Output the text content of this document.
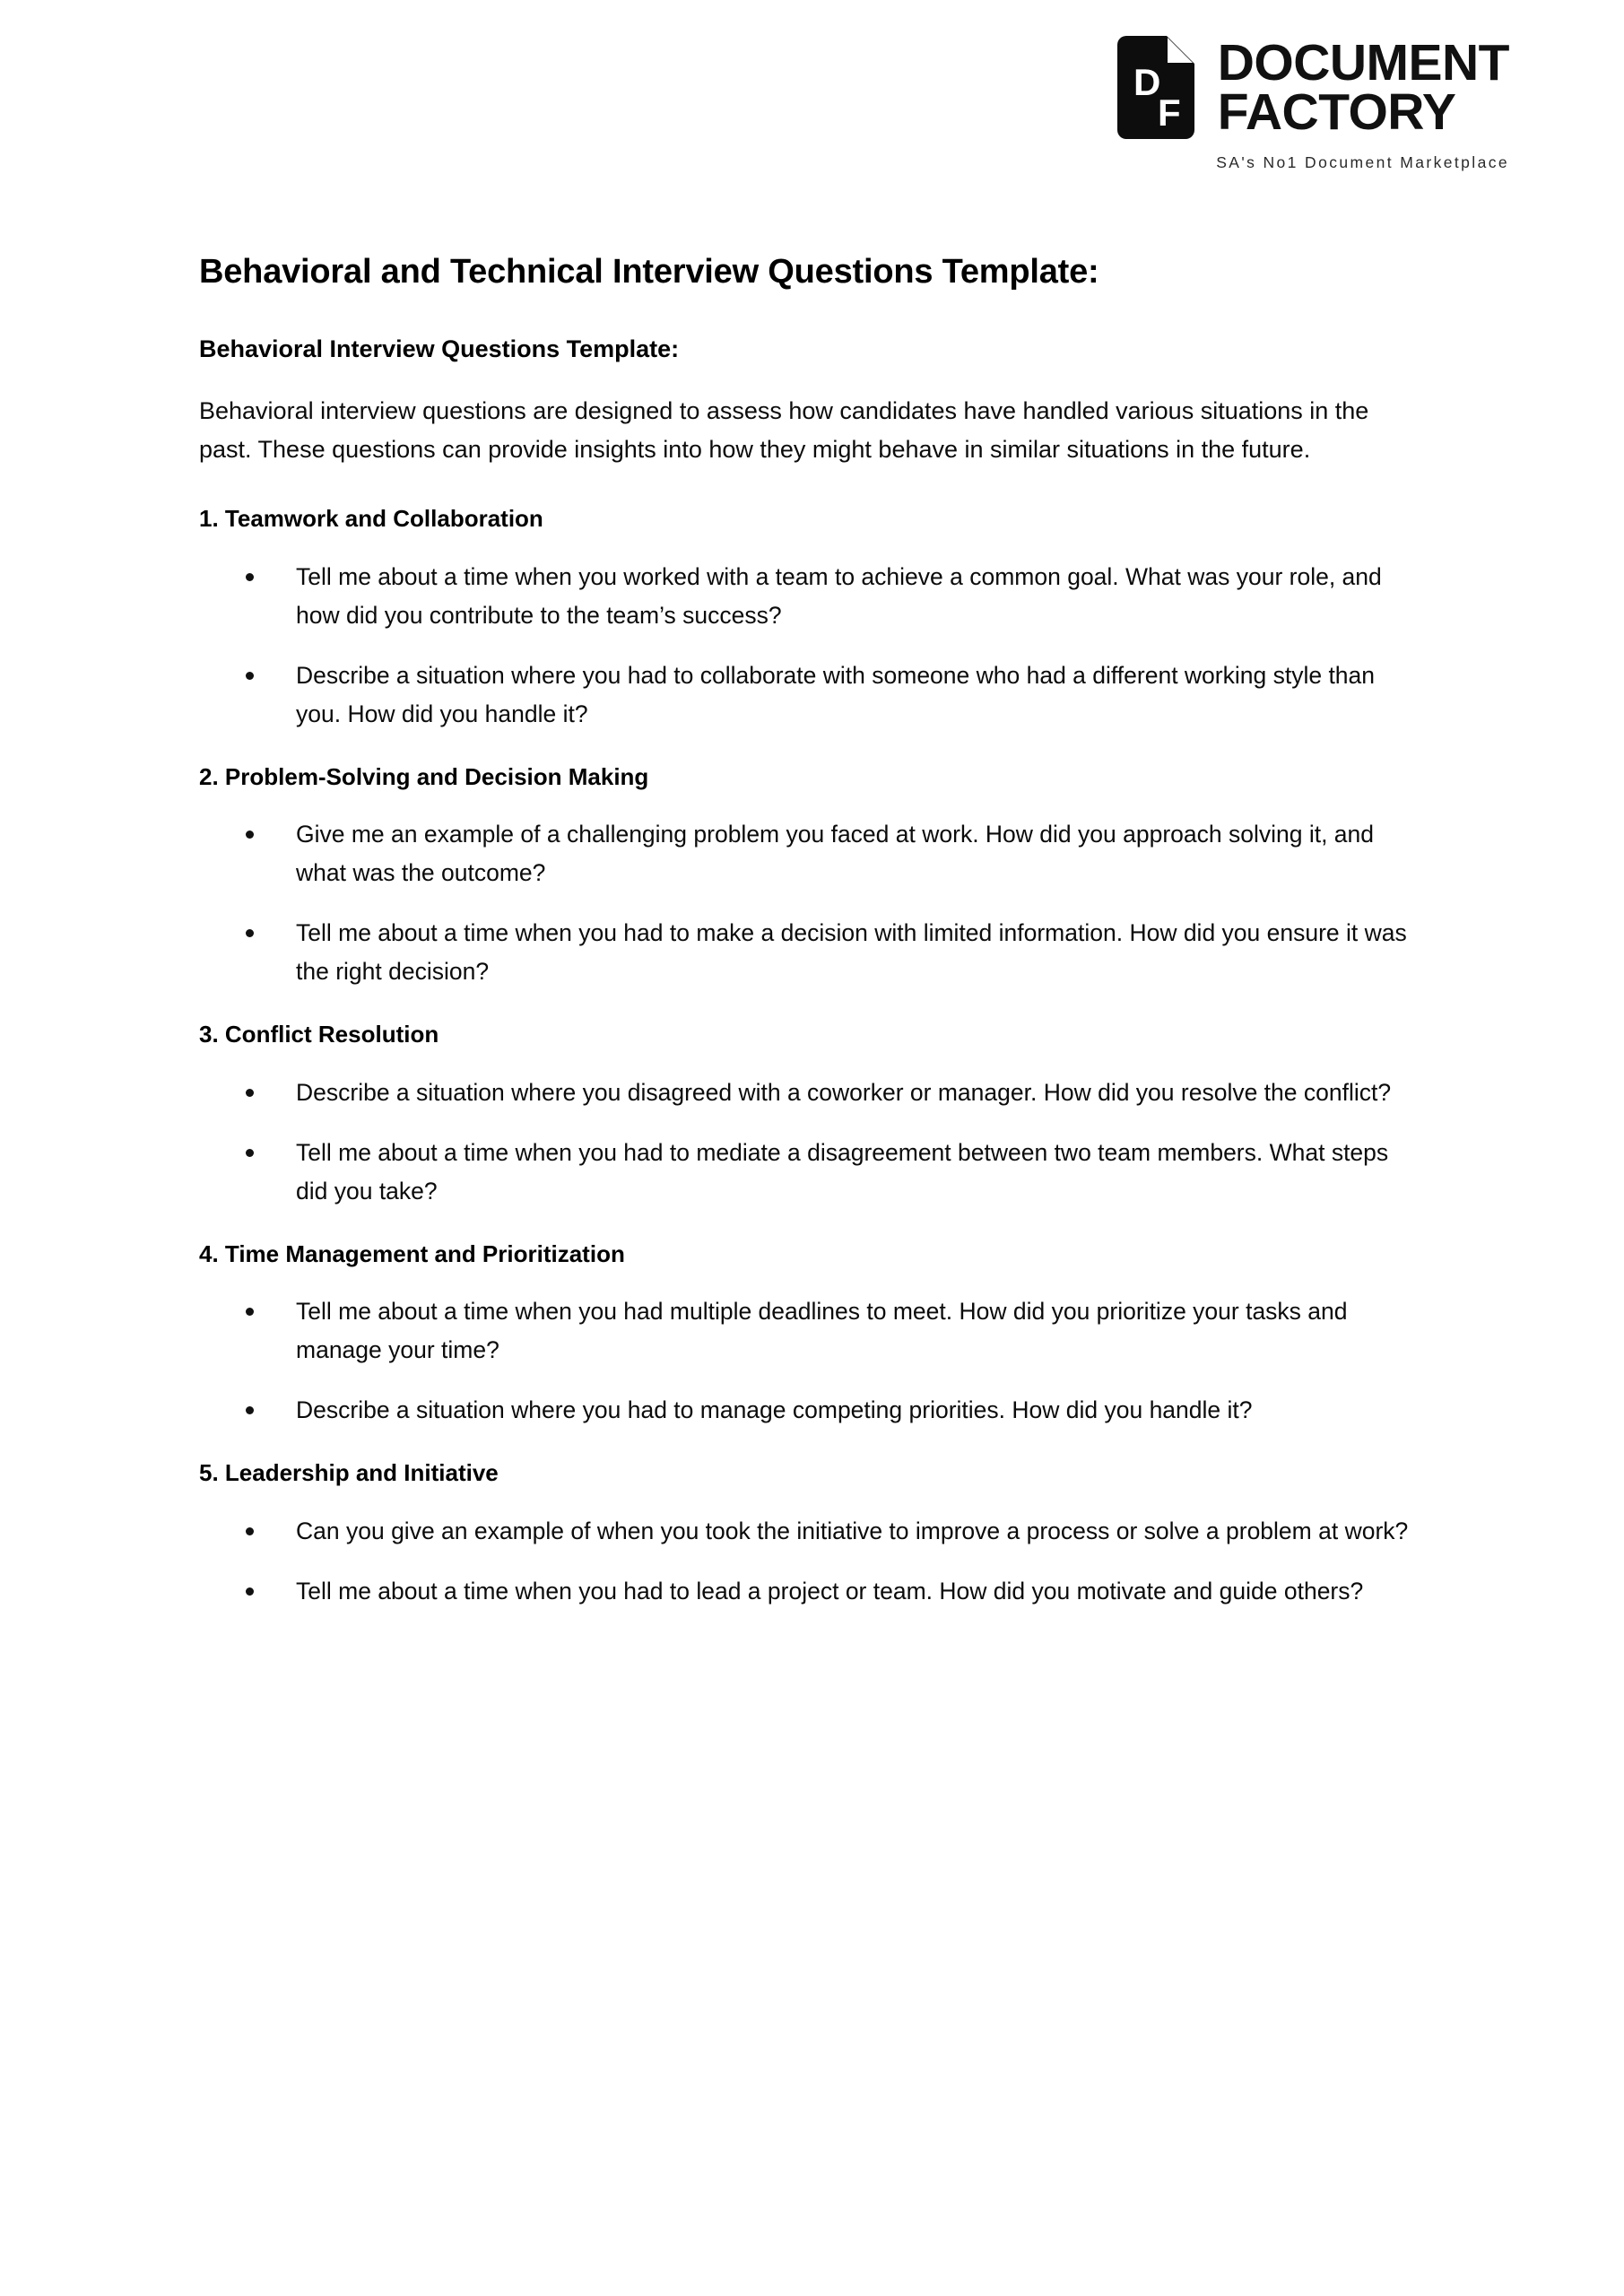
D
F
DOCUMENT
FACTORY
SA's No1 Document Marketplace
Behavioral and Technical Interview Questions Template:
Behavioral Interview Questions Template:

Behavioral interview questions are designed to assess how candidates have handled various situations in the past. These questions can provide insights into how they might behave in similar situations in the future.

1. Teamwork and Collaboration
Tell me about a time when you worked with a team to achieve a common goal. What was your role, and how did you contribute to the team’s success?
Describe a situation where you had to collaborate with someone who had a different working style than you. How did you handle it?
2. Problem-Solving and Decision Making
Give me an example of a challenging problem you faced at work. How did you approach solving it, and what was the outcome?
Tell me about a time when you had to make a decision with limited information. How did you ensure it was the right decision?
3. Conflict Resolution
Describe a situation where you disagreed with a coworker or manager. How did you resolve the conflict?
Tell me about a time when you had to mediate a disagreement between two team members. What steps did you take?
4. Time Management and Prioritization
Tell me about a time when you had multiple deadlines to meet. How did you prioritize your tasks and manage your time?
Describe a situation where you had to manage competing priorities. How did you handle it?
5. Leadership and Initiative
Can you give an example of when you took the initiative to improve a process or solve a problem at work?
Tell me about a time when you had to lead a project or team. How did you motivate and guide others?
